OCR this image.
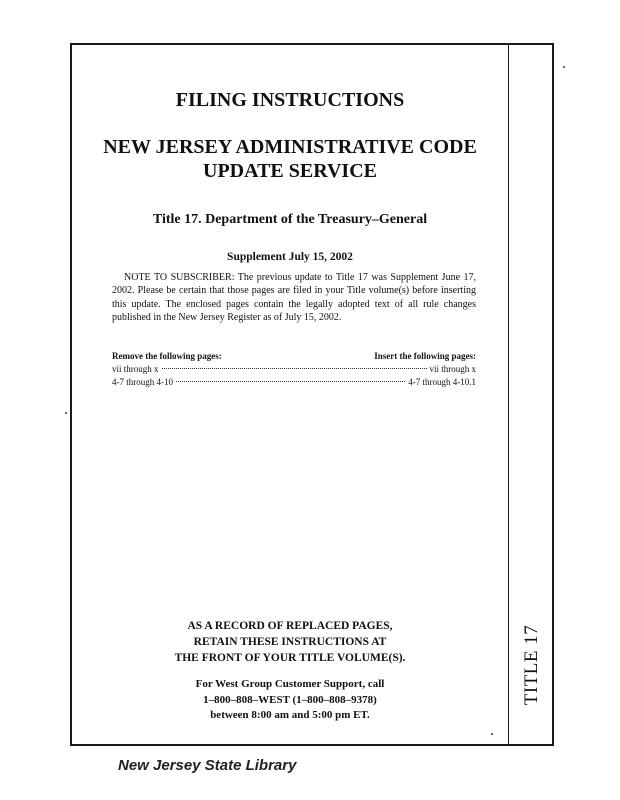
TITLE 17
FILING INSTRUCTIONS
NEW JERSEY ADMINISTRATIVE CODE
UPDATE SERVICE
Title 17. Department of the Treasury–General

Supplement July 15, 2002

NOTE TO SUBSCRIBER: The previous update to Title 17 was Supplement June 17, 2002. Please be certain that those pages are filed in your Title volume(s) before inserting this update. The enclosed pages contain the legally adopted text of all rule changes published in the New Jersey Register as of July 15, 2002.

Remove the following pages:	Insert the following pages:
vii through x	vii through x
4-7 through 4-10	4-7 through 4-10.1
AS A RECORD OF REPLACED PAGES,
RETAIN THESE INSTRUCTIONS AT
THE FRONT OF YOUR TITLE VOLUME(S).
For West Group Customer Support, call
1–800–808–WEST (1–800–808–9378)
between 8:00 am and 5:00 pm ET.
New Jersey State Library
